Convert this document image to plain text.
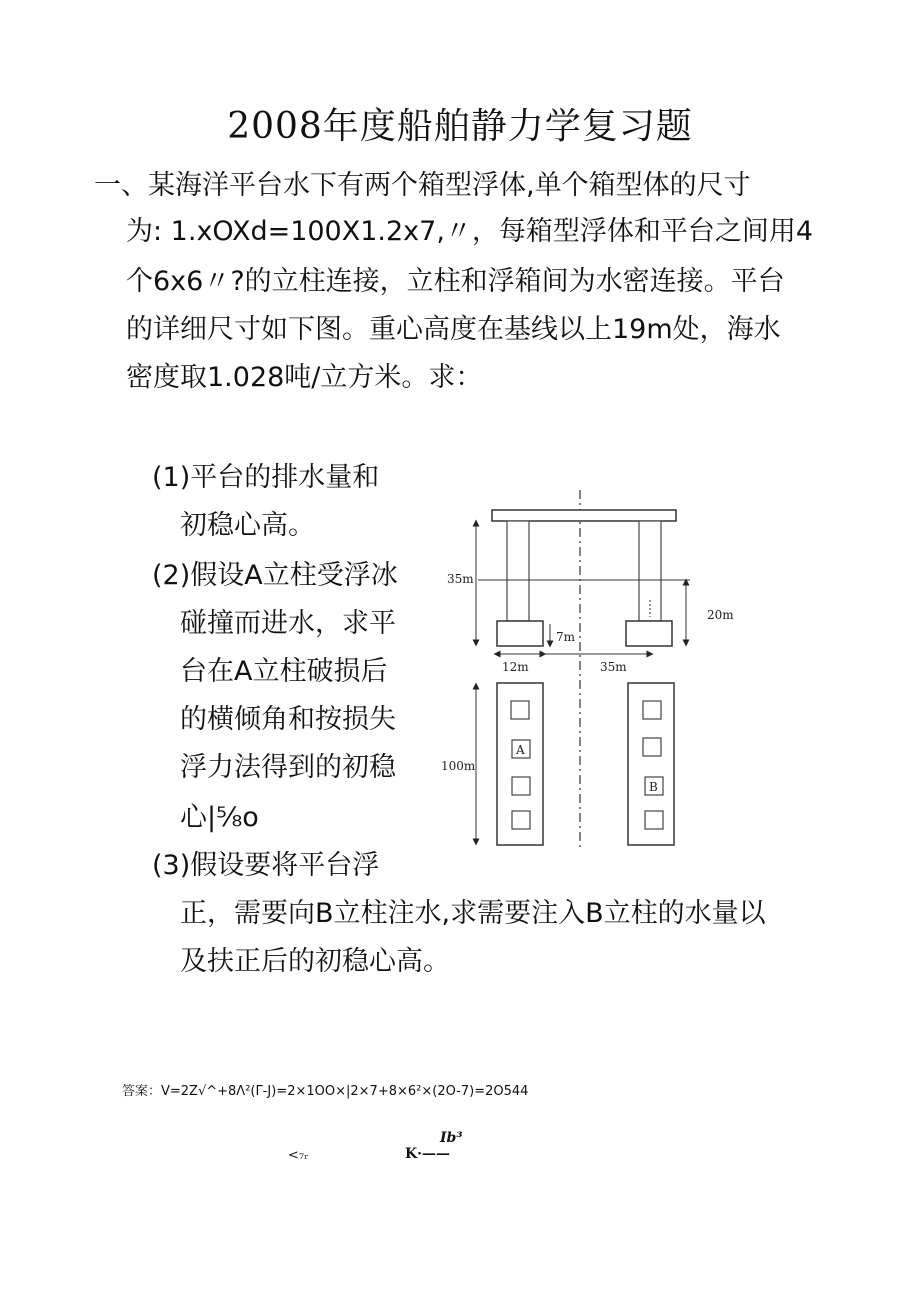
2008年度船舶静力学复习题
一、某海洋平台水下有两个箱型浮体,单个箱型体的尺寸
为: 1.xOXd=100X1.2x7,〃，每箱型浮体和平台之间用4
个6x6〃?的立柱连接，立柱和浮箱间为水密连接。平台
的详细尺寸如下图。重心高度在基线以上19m处，海水
密度取1.028吨/立方米。求：
(1)平台的排水量和
初稳心高。
(2)假设A立柱受浮冰
碰撞而进水，求平
台在A立柱破损后
的横倾角和按损失
浮力法得到的初稳
心|⅝o
(3)假设要将平台浮
正，需要向B立柱注水,求需要注入B立柱的水量以
及扶正后的初稳心高。
35m
20m
7m
12m	35m
100m
A
B
答案：V=2Z√^+8Λ²(Γ-J)=2×1OO×|2×7+8×6²×(2O-7)=2O544
<₇ᵣ	K·——
Ib³
